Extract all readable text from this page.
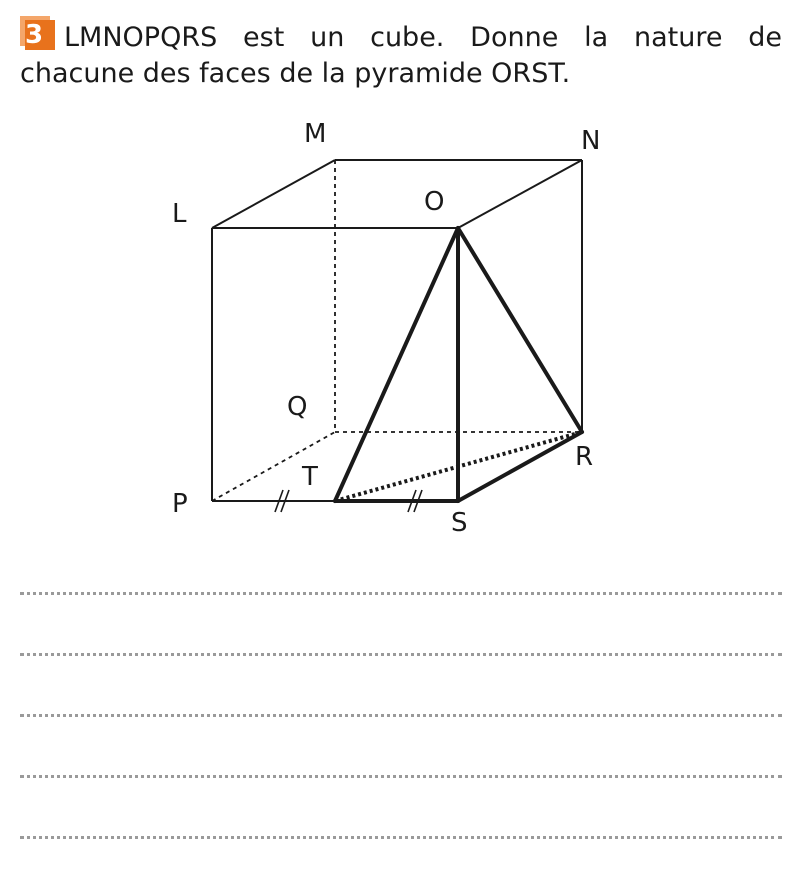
3 LMNOPQRS est un cube. Donne la nature de chacune des faces de la pyramide ORST.
L
M	N
O
Q
T
P
S
R
